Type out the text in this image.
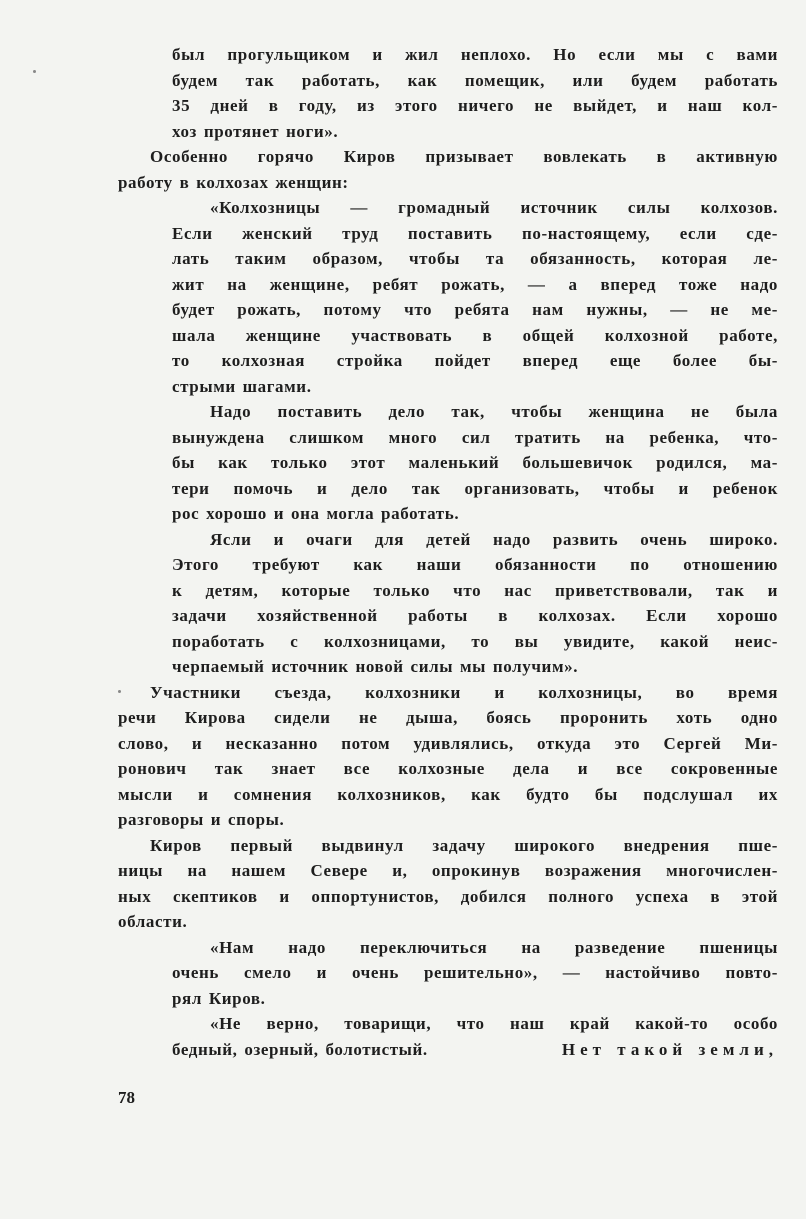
был прогульщиком и жил неплохо. Но если мы с вами
будем так работать, как помещик, или будем работать
35 дней в году, из этого ничего не выйдет, и наш кол-
хоз протянет ноги».
Особенно горячо Киров призывает вовлекать в активную
работу в колхозах женщин:
«Колхозницы — громадный источник силы колхозов.
Если женский труд поставить по-настоящему, если сде-
лать таким образом, чтобы та обязанность, которая ле-
жит на женщине, ребят рожать, — а вперед тоже надо
будет рожать, потому что ребята нам нужны, — не ме-
шала женщине участвовать в общей колхозной работе,
то колхозная стройка пойдет вперед еще более бы-
стрыми шагами.
Надо поставить дело так, чтобы женщина не была
вынуждена слишком много сил тратить на ребенка, что-
бы как только этот маленький большевичок родился, ма-
тери помочь и дело так организовать, чтобы и ребенок
рос хорошо и она могла работать.
Ясли и очаги для детей надо развить очень широко.
Этого требуют как наши обязанности по отношению
к детям, которые только что нас приветствовали, так и
задачи хозяйственной работы в колхозах. Если хорошо
поработать с колхозницами, то вы увидите, какой неис-
черпаемый источник новой силы мы получим».
Участники съезда, колхозники и колхозницы, во время
речи Кирова сидели не дыша, боясь проронить хоть одно
слово, и несказанно потом удивлялись, откуда это Сергей Ми-
ронович так знает все колхозные дела и все сокровенные
мысли и сомнения колхозников, как будто бы подслушал их
разговоры и споры.
Киров первый выдвинул задачу широкого внедрения пше-
ницы на нашем Севере и, опрокинув возражения многочислен-
ных скептиков и оппортунистов, добился полного успеха в этой
области.
«Нам надо переключиться на разведение пшеницы
очень смело и очень решительно», — настойчиво повто-
рял Киров.
«Не верно, товарищи, что наш край какой-то особо
бедный, озерный, болотистый.	Нет такой земли,
78
